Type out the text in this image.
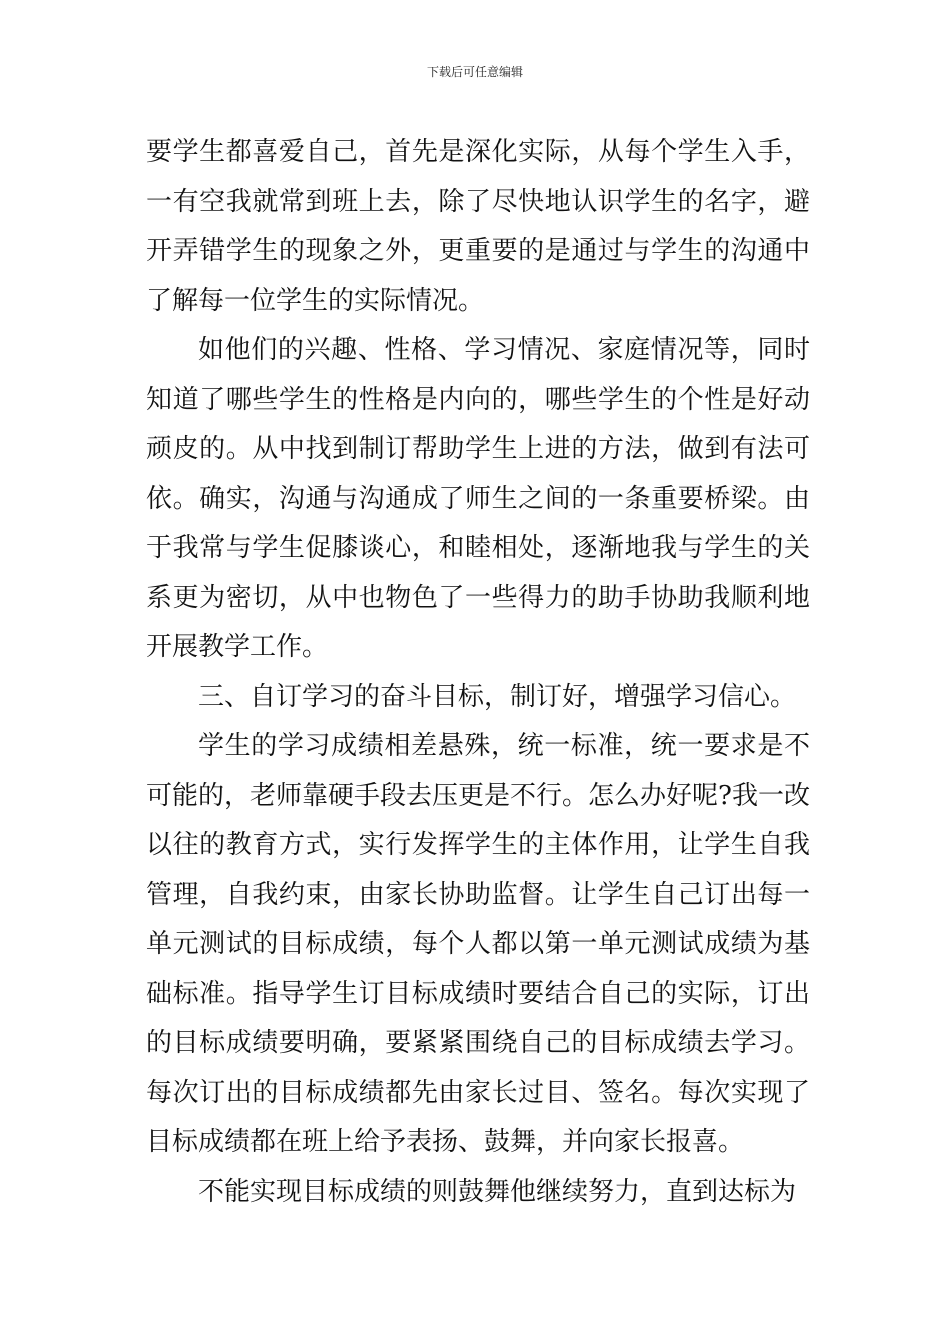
下载后可任意编辑

要学生都喜爱自己，首先是深化实际，从每个学生入手，一有空我就常到班上去，除了尽快地认识学生的名字，避开弄错学生的现象之外，更重要的是通过与学生的沟通中了解每一位学生的实际情况。

如他们的兴趣、性格、学习情况、家庭情况等，同时知道了哪些学生的性格是内向的，哪些学生的个性是好动顽皮的。从中找到制订帮助学生上进的方法，做到有法可依。确实，沟通与沟通成了师生之间的一条重要桥梁。由于我常与学生促膝谈心，和睦相处，逐渐地我与学生的关系更为密切，从中也物色了一些得力的助手协助我顺利地开展教学工作。

三、自订学习的奋斗目标，制订好，增强学习信心。

学生的学习成绩相差悬殊，统一标准，统一要求是不可能的，老师靠硬手段去压更是不行。怎么办好呢?我一改以往的教育方式，实行发挥学生的主体作用，让学生自我管理，自我约束，由家长协助监督。让学生自己订出每一单元测试的目标成绩，每个人都以第一单元测试成绩为基础标准。指导学生订目标成绩时要结合自己的实际，订出的目标成绩要明确，要紧紧围绕自己的目标成绩去学习。每次订出的目标成绩都先由家长过目、签名。每次实现了目标成绩都在班上给予表扬、鼓舞，并向家长报喜。

不能实现目标成绩的则鼓舞他继续努力，直到达标为
